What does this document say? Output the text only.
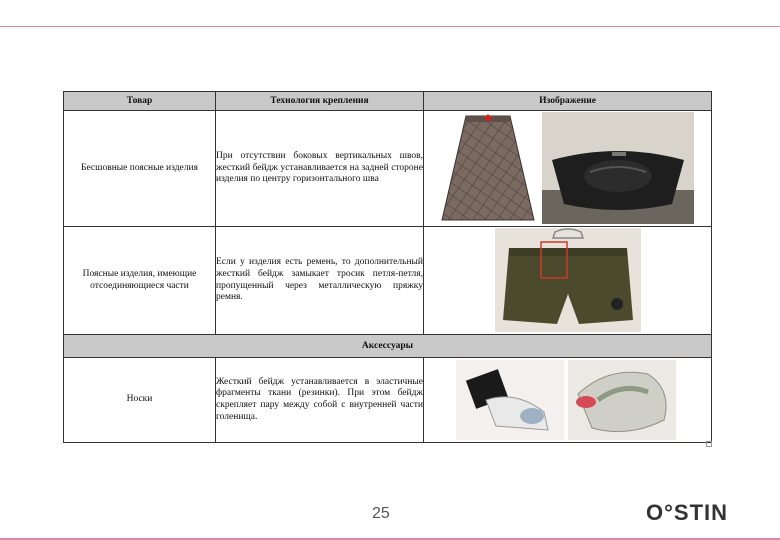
Товар	Технология крепления	Изображение
Бесшовные поясные изделия	При отсутствии боковых вертикальных швов, жесткий бейдж устанавливается на задней стороне изделия по центру горизонтального шва	

Поясные изделия, имеющие отсоединяющиеся части	Если у изделия есть ремень, то дополнительный жесткий бейдж замыкает тросик петля-петля, пропущенный через металлическую пряжку ремня.	

Аксессуары		
Носки	Жесткий бейдж устанавливается в эластичные фрагменты ткани (резинки). При этом бейдж скрепляет пару между собой с внутренней части голенища.	
25	O°STIN
